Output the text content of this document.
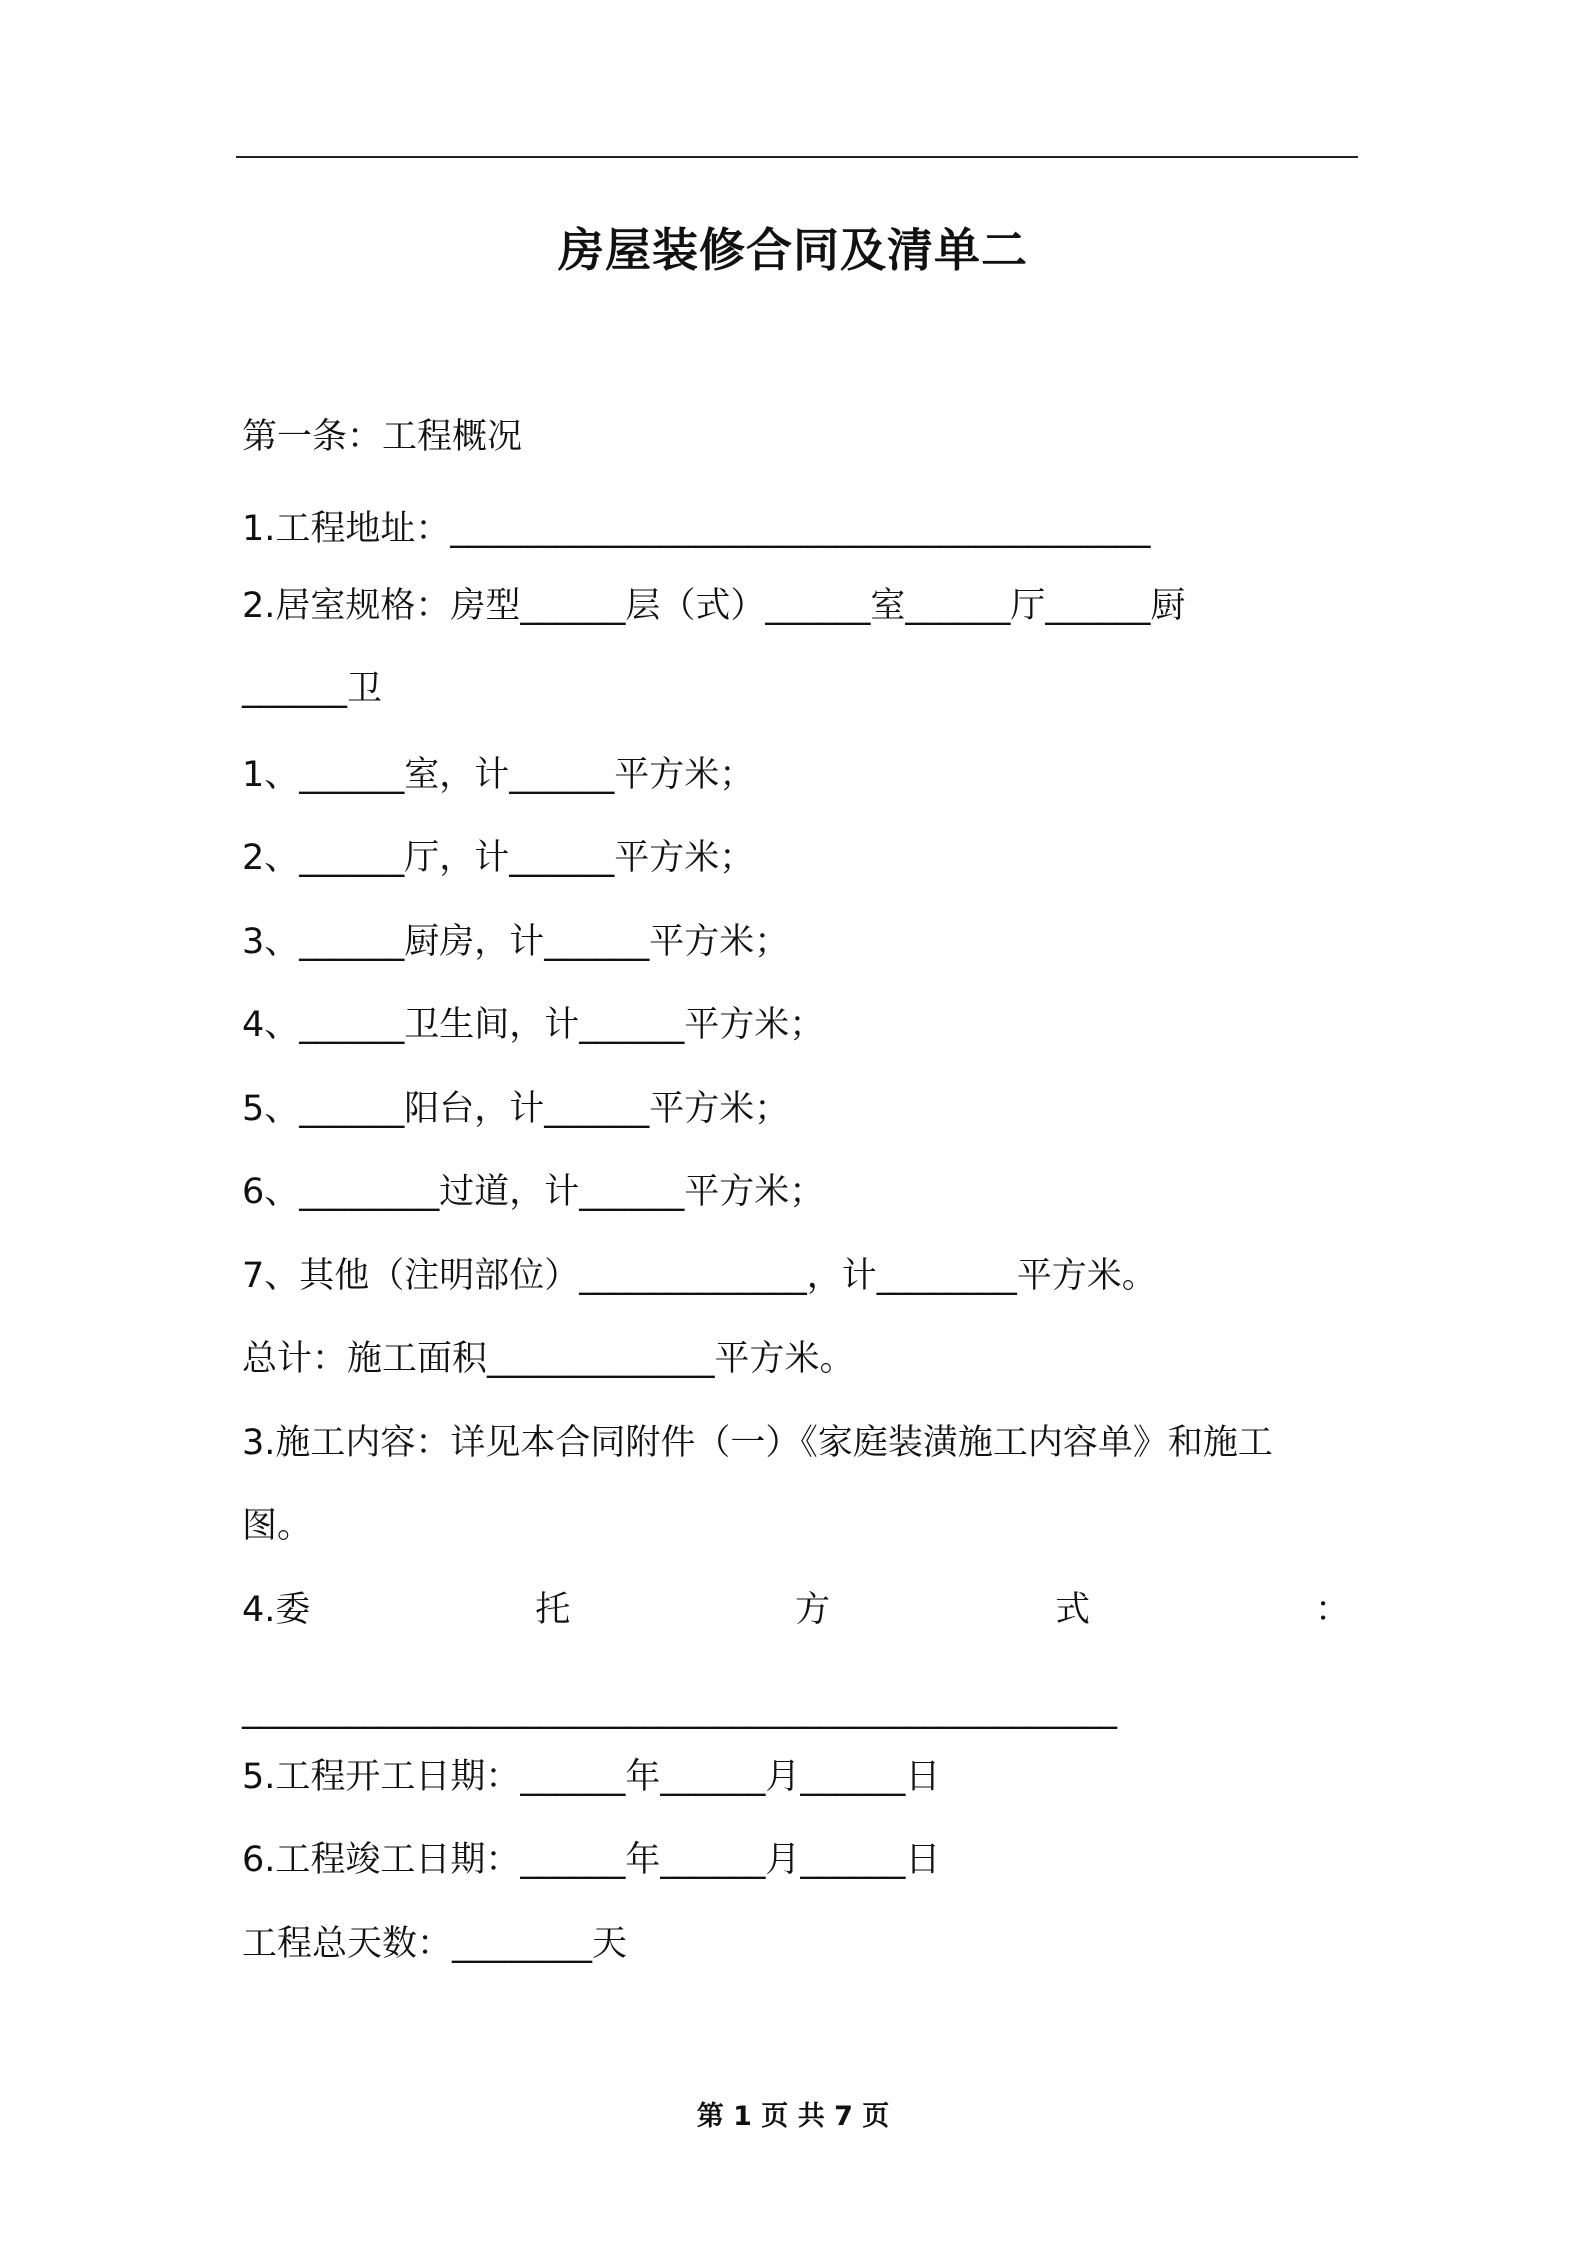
房屋装修合同及清单二
第一条：工程概况
1.工程地址：________________________________________
2.居室规格：房型______层（式）______室______厅______厨
______卫
1、______室，计______平方米；
2、______厅，计______平方米；
3、______厨房，计______平方米；
4、______卫生间，计______平方米；
5、______阳台，计______平方米；
6、________过道，计______平方米；
7、其他（注明部位）_____________，计________平方米。
总计：施工面积_____________平方米。
3.施工内容：详见本合同附件（一）《家庭装潢施工内容单》和施工
图。
4.委	托	方	式	：
__________________________________________________
5.工程开工日期：______年______月______日
6.工程竣工日期：______年______月______日
工程总天数：________天
第 1 页 共 7 页
